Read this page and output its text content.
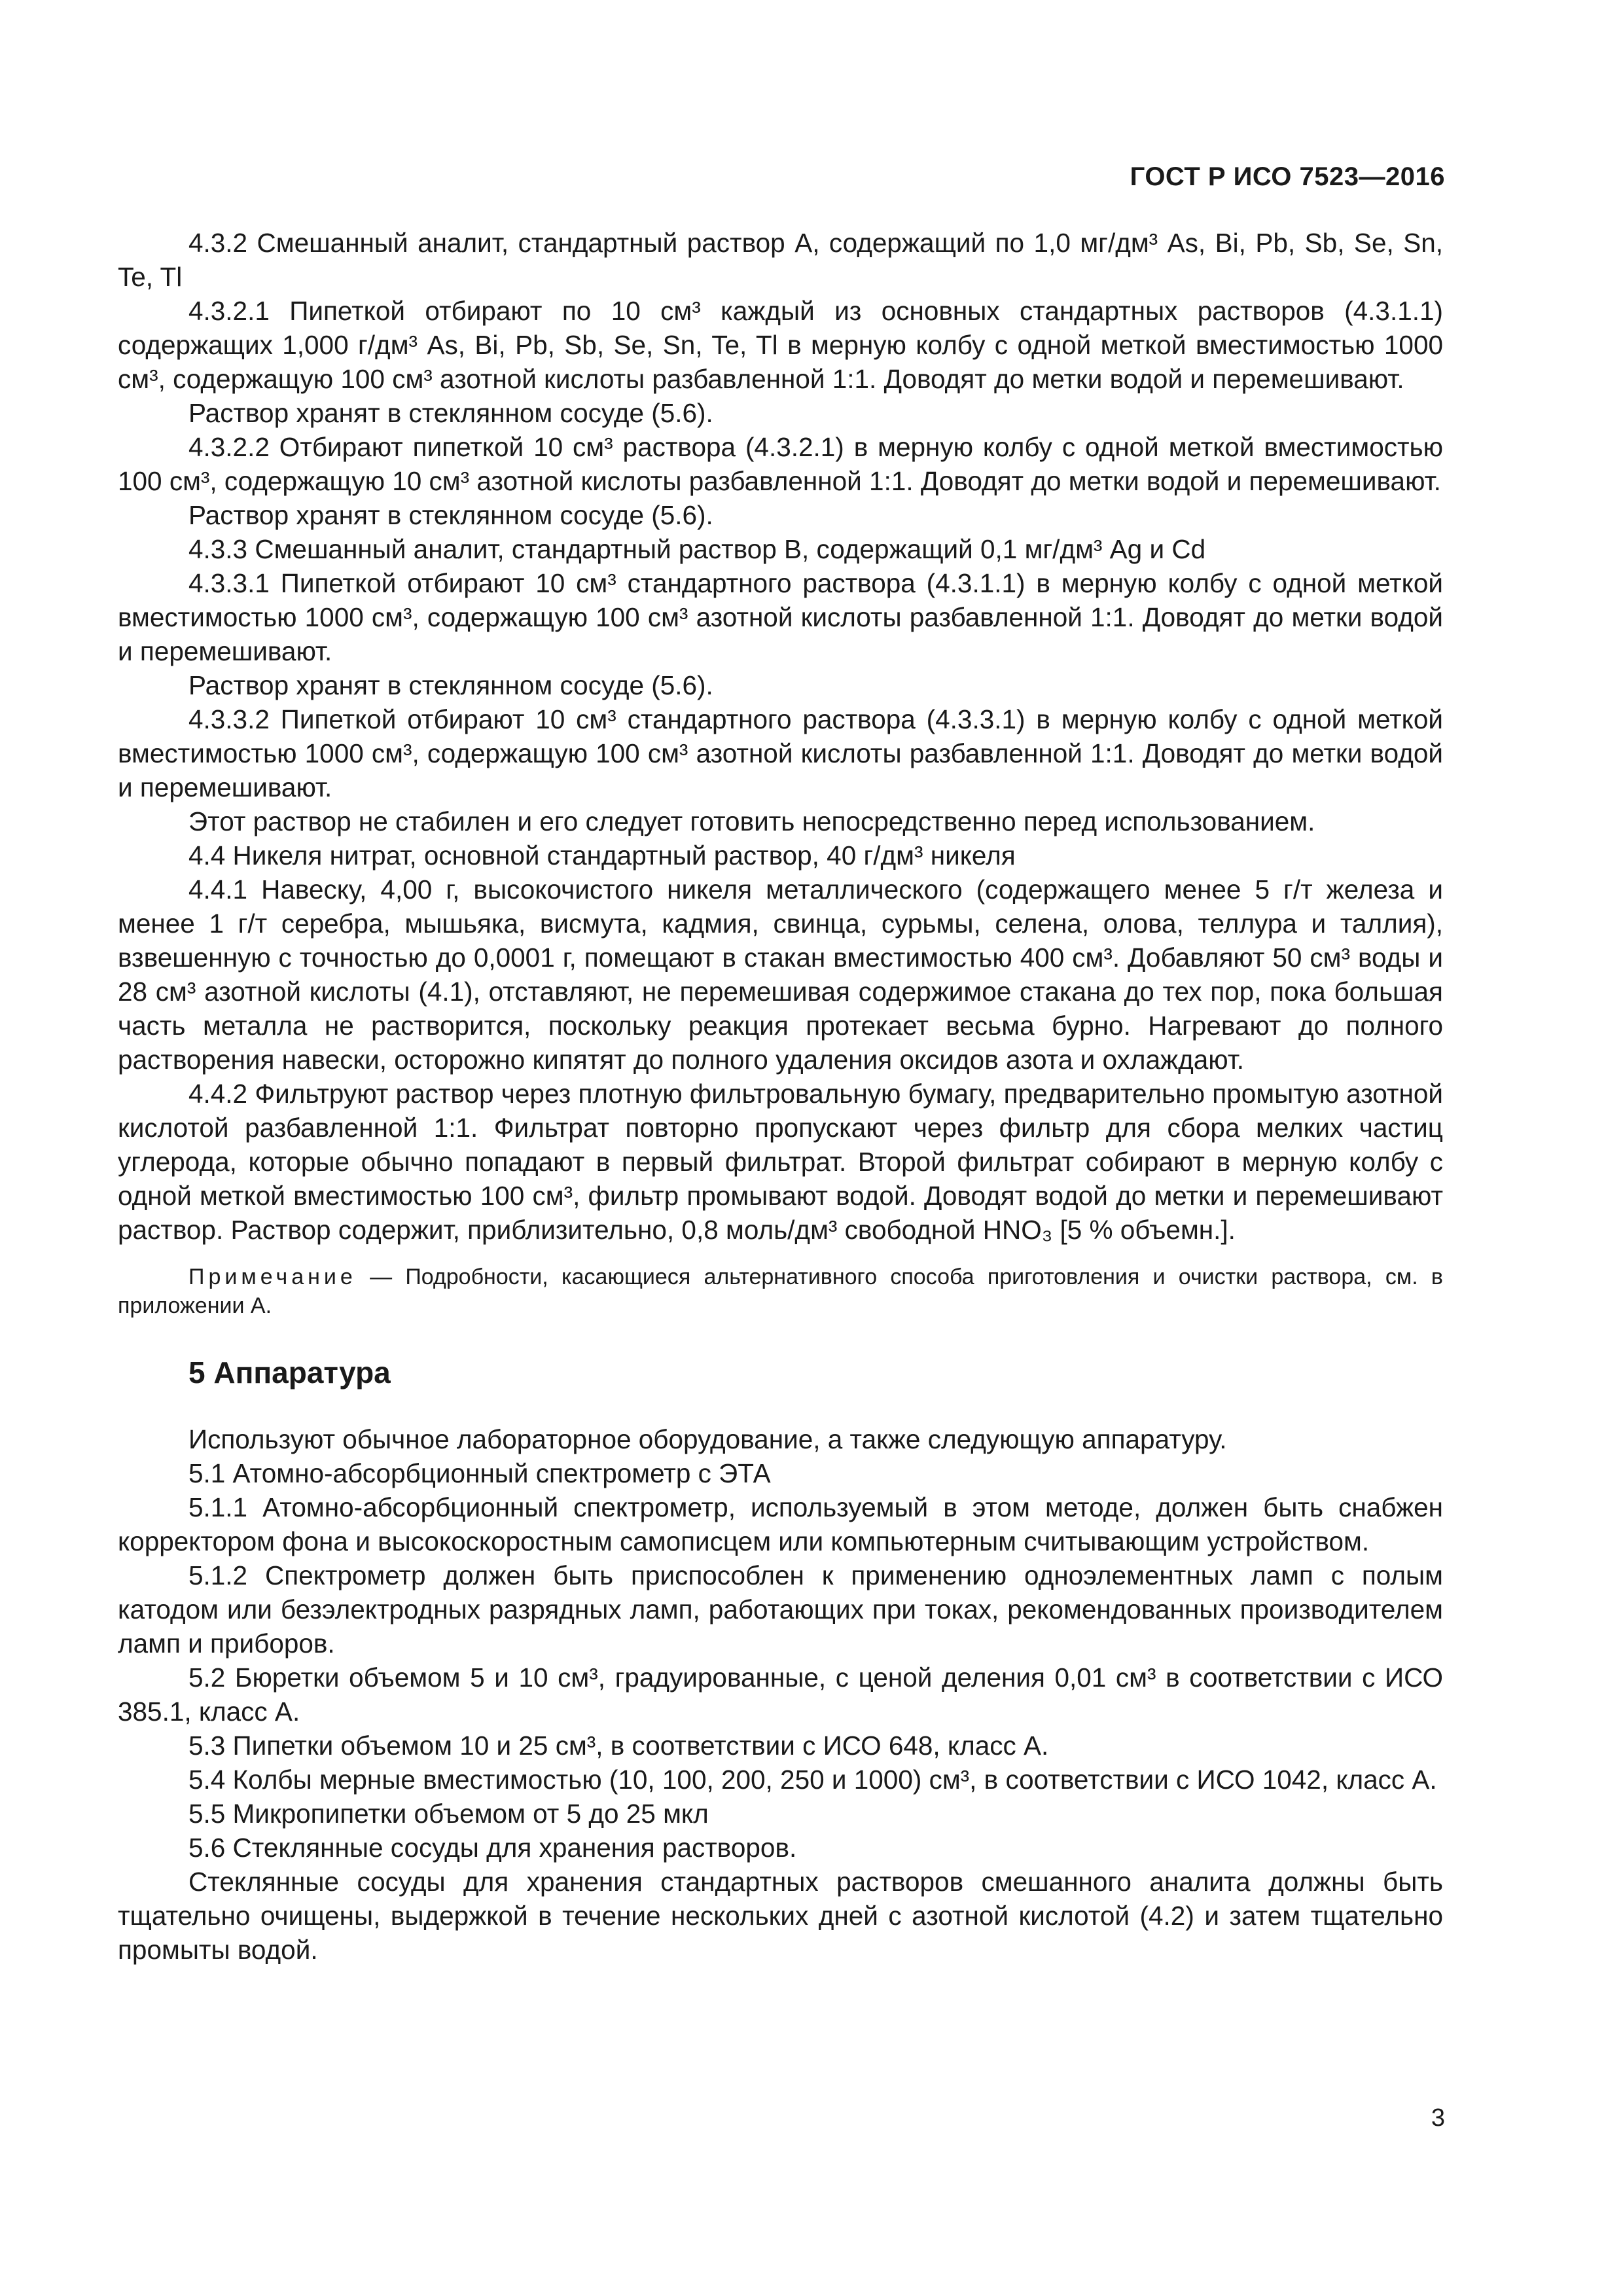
ГОСТ Р ИСО 7523—2016

4.3.2 Смешанный аналит, стандартный раствор А, содержащий по 1,0 мг/дм³ As, Bi, Pb, Sb, Se, Sn, Te, Tl

4.3.2.1 Пипеткой отбирают по 10 см³ каждый из основных стандартных растворов (4.3.1.1) содержащих 1,000 г/дм³ As, Bi, Pb, Sb, Se, Sn, Te, Tl в мерную колбу с одной меткой вместимостью 1000 см³, содержащую 100 см³ азотной кислоты разбавленной 1:1. Доводят до метки водой и перемешивают.

Раствор хранят в стеклянном сосуде (5.6).

4.3.2.2 Отбирают пипеткой 10 см³ раствора (4.3.2.1) в мерную колбу с одной меткой вместимостью 100 см³, содержащую 10 см³ азотной кислоты разбавленной 1:1. Доводят до метки водой и перемешивают.

Раствор хранят в стеклянном сосуде (5.6).

4.3.3 Смешанный аналит, стандартный раствор В, содержащий 0,1 мг/дм³ Ag и Cd

4.3.3.1 Пипеткой отбирают 10 см³ стандартного раствора (4.3.1.1) в мерную колбу с одной меткой вместимостью 1000 см³, содержащую 100 см³ азотной кислоты разбавленной 1:1. Доводят до метки водой и перемешивают.

Раствор хранят в стеклянном сосуде (5.6).

4.3.3.2 Пипеткой отбирают 10 см³ стандартного раствора (4.3.3.1) в мерную колбу с одной меткой вместимостью 1000 см³, содержащую 100 см³ азотной кислоты разбавленной 1:1. Доводят до метки водой и перемешивают.

Этот раствор не стабилен и его следует готовить непосредственно перед использованием.

4.4 Никеля нитрат, основной стандартный раствор, 40 г/дм³ никеля

4.4.1 Навеску, 4,00 г, высокочистого никеля металлического (содержащего менее 5 г/т железа и менее 1 г/т серебра, мышьяка, висмута, кадмия, свинца, сурьмы, селена, олова, теллура и таллия), взвешенную с точностью до 0,0001 г, помещают в стакан вместимостью 400 см³. Добавляют 50 см³ воды и 28 см³ азотной кислоты (4.1), отставляют, не перемешивая содержимое стакана до тех пор, пока большая часть металла не растворится, поскольку реакция протекает весьма бурно. Нагревают до полного растворения навески, осторожно кипятят до полного удаления оксидов азота и охлаждают.

4.4.2 Фильтруют раствор через плотную фильтровальную бумагу, предварительно промытую азотной кислотой разбавленной 1:1. Фильтрат повторно пропускают через фильтр для сбора мелких частиц углерода, которые обычно попадают в первый фильтрат. Второй фильтрат собирают в мерную колбу с одной меткой вместимостью 100 см³, фильтр промывают водой. Доводят водой до метки и перемешивают раствор. Раствор содержит, приблизительно, 0,8 моль/дм³ свободной HNO₃ [5 % объемн.].

Примечание — Подробности, касающиеся альтернативного способа приготовления и очистки раствора, см. в приложении А.

5 Аппаратура

Используют обычное лабораторное оборудование, а также следующую аппаратуру.

5.1 Атомно-абсорбционный спектрометр с ЭТА

5.1.1 Атомно-абсорбционный спектрометр, используемый в этом методе, должен быть снабжен корректором фона и высокоскоростным самописцем или компьютерным считывающим устройством.

5.1.2 Спектрометр должен быть приспособлен к применению одноэлементных ламп с полым катодом или безэлектродных разрядных ламп, работающих при токах, рекомендованных производителем ламп и приборов.

5.2 Бюретки объемом 5 и 10 см³, градуированные, с ценой деления 0,01 см³ в соответствии с ИСО 385.1, класс А.

5.3 Пипетки объемом 10 и 25 см³, в соответствии с ИСО 648, класс А.

5.4 Колбы мерные вместимостью (10, 100, 200, 250 и 1000) см³, в соответствии с ИСО 1042, класс А.

5.5 Микропипетки объемом от 5 до 25 мкл

5.6 Стеклянные сосуды для хранения растворов.

Стеклянные сосуды для хранения стандартных растворов смешанного аналита должны быть тщательно очищены, выдержкой в течение нескольких дней с азотной кислотой (4.2) и затем тщательно промыты водой.

3
